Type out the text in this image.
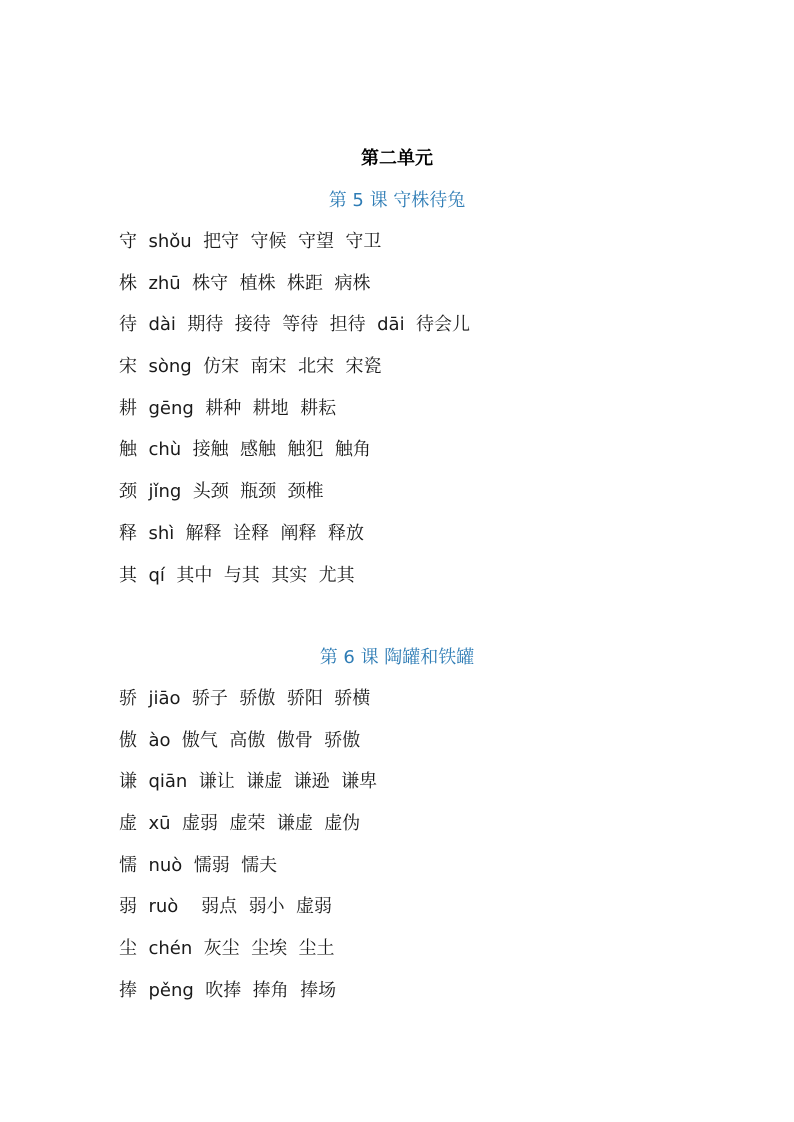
第二单元
第 5 课 守株待兔
守  shǒu  把守  守候  守望  守卫
株  zhū  株守  植株  株距  病株
待  dài  期待  接待  等待  担待  dāi  待会儿
宋  sòng  仿宋  南宋  北宋  宋瓷
耕  gēng  耕种  耕地  耕耘
触  chù  接触  感触  触犯  触角
颈  jǐng  头颈  瓶颈  颈椎
释  shì  解释  诠释  阐释  释放
其  qí  其中  与其  其实  尤其
第 6 课 陶罐和铁罐
骄  jiāo  骄子  骄傲  骄阳  骄横
傲  ào  傲气  高傲  傲骨  骄傲
谦  qiān  谦让  谦虚  谦逊  谦卑
虚  xū  虚弱  虚荣  谦虚  虚伪
懦  nuò  懦弱  懦夫
弱  ruò    弱点  弱小  虚弱
尘  chén  灰尘  尘埃  尘土
捧  pěng  吹捧  捧角  捧场
